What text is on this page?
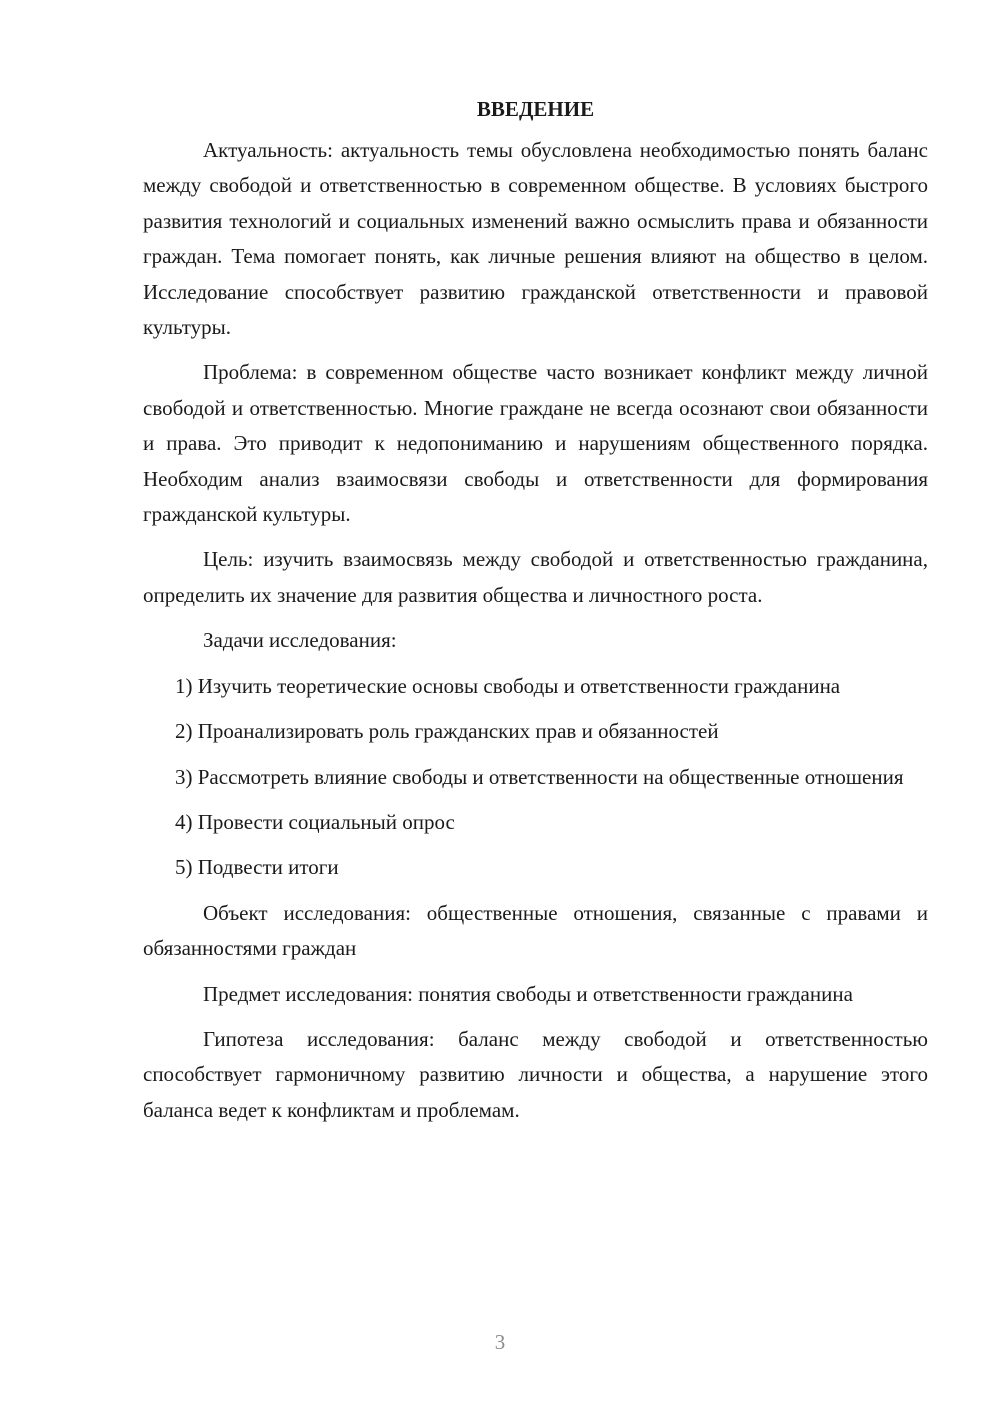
ВВЕДЕНИЕ

Актуальность: актуальность темы обусловлена необходимостью понять баланс между свободой и ответственностью в современном обществе. В условиях быстрого развития технологий и социальных изменений важно осмыслить права и обязанности граждан. Тема помогает понять, как личные решения влияют на общество в целом. Исследование способствует развитию гражданской ответственности и правовой культуры.

Проблема: в современном обществе часто возникает конфликт между личной свободой и ответственностью. Многие граждане не всегда осознают свои обязанности и права. Это приводит к недопониманию и нарушениям общественного порядка. Необходим анализ взаимосвязи свободы и ответственности для формирования гражданской культуры.

Цель: изучить взаимосвязь между свободой и ответственностью гражданина, определить их значение для развития общества и личностного роста.

Задачи исследования:

1) Изучить теоретические основы свободы и ответственности гражданина

2) Проанализировать роль гражданских прав и обязанностей

3) Рассмотреть влияние свободы и ответственности на общественные отношения

4) Провести социальный опрос

5) Подвести итоги

Объект исследования: общественные отношения, связанные с правами и обязанностями граждан

Предмет исследования: понятия свободы и ответственности гражданина

Гипотеза исследования: баланс между свободой и ответственностью способствует гармоничному развитию личности и общества, а нарушение этого баланса ведет к конфликтам и проблемам.

3
